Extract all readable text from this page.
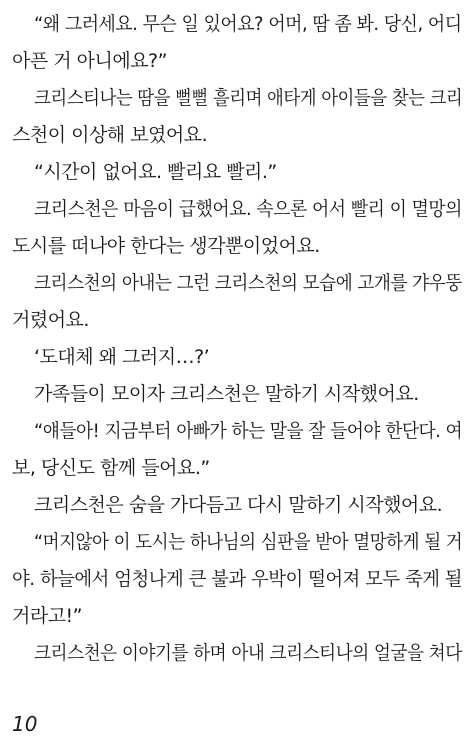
“왜 그러세요. 무슨 일 있어요? 어머, 땀 좀 봐. 당신, 어디
아픈 거 아니에요?”
크리스티나는 땀을 뻘뻘 흘리며 애타게 아이들을 찾는 크리
스천이 이상해 보였어요.
“시간이 없어요. 빨리요 빨리.”
크리스천은 마음이 급했어요. 속으론 어서 빨리 이 멸망의
도시를 떠나야 한다는 생각뿐이었어요.
크리스천의 아내는 그런 크리스천의 모습에 고개를 갸우뚱
거렸어요.
‘도대체 왜 그러지…?’
가족들이 모이자 크리스천은 말하기 시작했어요.
“얘들아! 지금부터 아빠가 하는 말을 잘 들어야 한단다. 여
보, 당신도 함께 들어요.”
크리스천은 숨을 가다듬고 다시 말하기 시작했어요.
“머지않아 이 도시는 하나님의 심판을 받아 멸망하게 될 거
야. 하늘에서 엄청나게 큰 불과 우박이 떨어져 모두 죽게 될
거라고!”
크리스천은 이야기를 하며 아내 크리스티나의 얼굴을 쳐다
10
